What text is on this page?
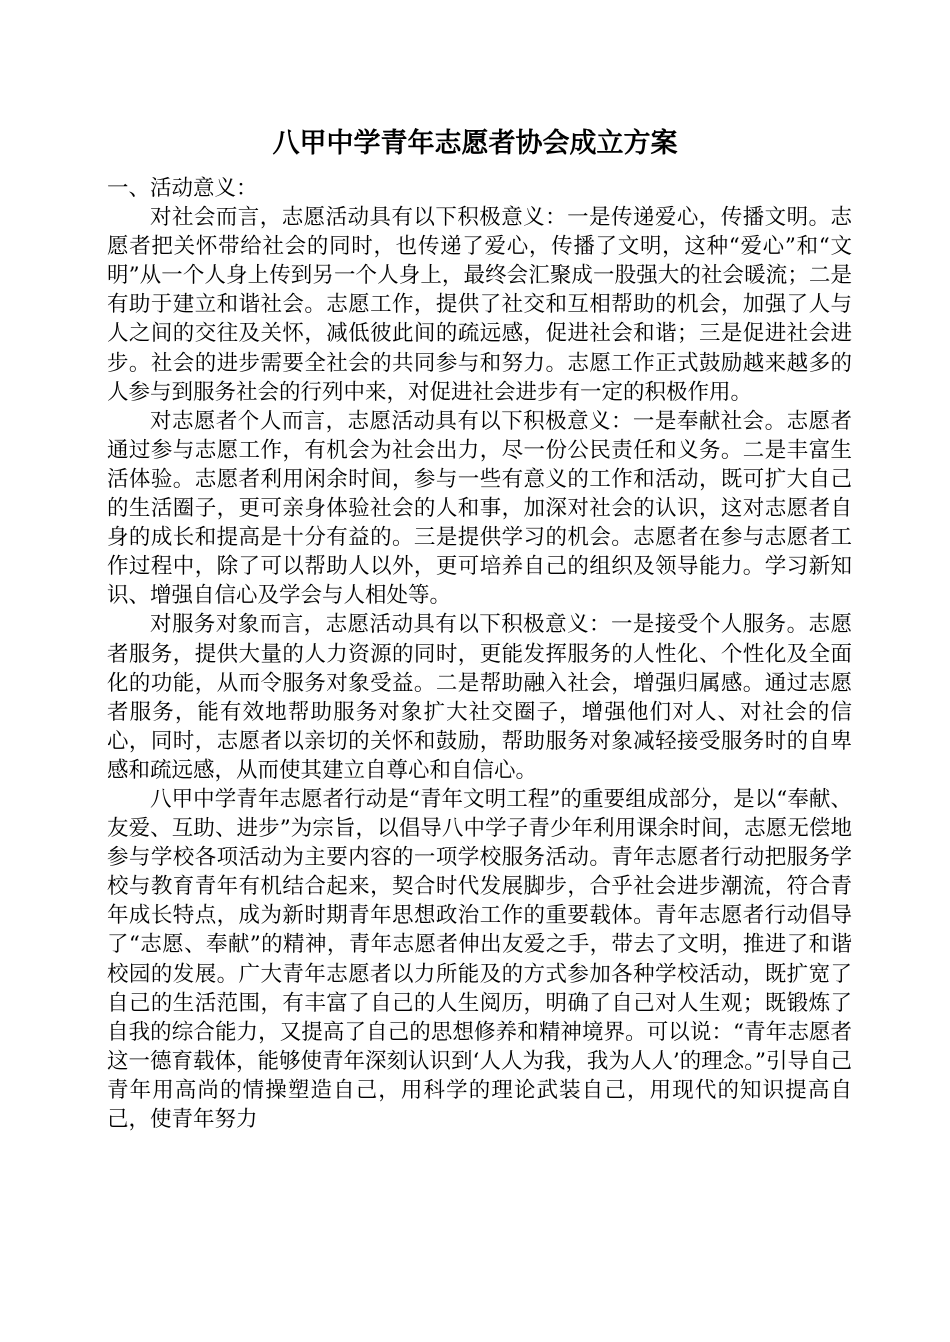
八甲中学青年志愿者协会成立方案

一、活动意义：

对社会而言，志愿活动具有以下积极意义：一是传递爱心，传播文明。志愿者把关怀带给社会的同时，也传递了爱心，传播了文明，这种“爱心”和“文明”从一个人身上传到另一个人身上，最终会汇聚成一股强大的社会暖流；二是有助于建立和谐社会。志愿工作，提供了社交和互相帮助的机会，加强了人与人之间的交往及关怀，减低彼此间的疏远感，促进社会和谐；三是促进社会进步。社会的进步需要全社会的共同参与和努力。志愿工作正式鼓励越来越多的人参与到服务社会的行列中来，对促进社会进步有一定的积极作用。

对志愿者个人而言，志愿活动具有以下积极意义：一是奉献社会。志愿者通过参与志愿工作，有机会为社会出力，尽一份公民责任和义务。二是丰富生活体验。志愿者利用闲余时间，参与一些有意义的工作和活动，既可扩大自己的生活圈子，更可亲身体验社会的人和事，加深对社会的认识，这对志愿者自身的成长和提高是十分有益的。三是提供学习的机会。志愿者在参与志愿者工作过程中，除了可以帮助人以外，更可培养自己的组织及领导能力。学习新知识、增强自信心及学会与人相处等。

对服务对象而言，志愿活动具有以下积极意义：一是接受个人服务。志愿者服务，提供大量的人力资源的同时，更能发挥服务的人性化、个性化及全面化的功能，从而令服务对象受益。二是帮助融入社会，增强归属感。通过志愿者服务，能有效地帮助服务对象扩大社交圈子，增强他们对人、对社会的信心，同时，志愿者以亲切的关怀和鼓励，帮助服务对象减轻接受服务时的自卑感和疏远感，从而使其建立自尊心和自信心。

八甲中学青年志愿者行动是“青年文明工程”的重要组成部分，是以“奉献、友爱、互助、进步”为宗旨，以倡导八中学子青少年利用课余时间，志愿无偿地参与学校各项活动为主要内容的一项学校服务活动。青年志愿者行动把服务学校与教育青年有机结合起来，契合时代发展脚步，合乎社会进步潮流，符合青年成长特点，成为新时期青年思想政治工作的重要载体。青年志愿者行动倡导了“志愿、奉献”的精神，青年志愿者伸出友爱之手，带去了文明，推进了和谐校园的发展。广大青年志愿者以力所能及的方式参加各种学校活动，既扩宽了自己的生活范围，有丰富了自己的人生阅历，明确了自己对人生观；既锻炼了自我的综合能力，又提高了自己的思想修养和精神境界。可以说：“青年志愿者这一德育载体，能够使青年深刻认识到‘人人为我，我为人人’的理念。”引导自己青年用高尚的情操塑造自己，用科学的理论武装自己，用现代的知识提高自己，使青年努力
